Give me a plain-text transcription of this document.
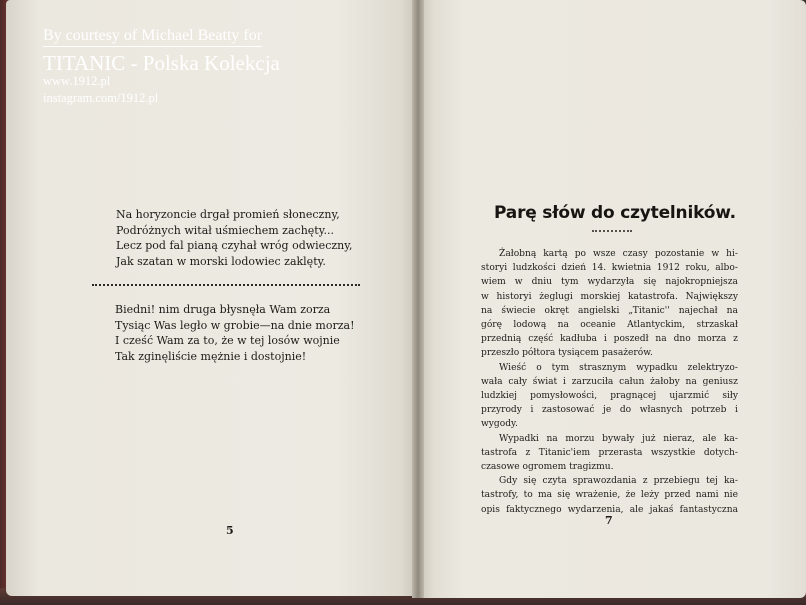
By courtesy of Michael Beatty for
TITANIC - Polska Kolekcja
www.1912.pl
instagram.com/1912.pl
Na horyzoncie drgał promień słoneczny,
Podróżnych witał uśmiechem zachęty...
Lecz pod fal pianą czyhał wróg odwieczny,
Jak szatan w morski lodowiec zaklęty.
Biedni! nim druga błysnęła Wam zorza
Tysiąc Was legło w grobie—na dnie morza!
I cześć Wam za to, że w tej losów wojnie
Tak zginęliście mężnie i dostojnie!
5
Parę słów do czytelników.
Żałobną kartą po wsze czasy pozostanie w hi-
storyi ludzkości dzień 14. kwietnia 1912 roku, albo-
wiem w dniu tym wydarzyła się najokropniejsza
w historyi żeglugi morskiej katastrofa. Największy
na świecie okręt angielski „Titanic'' najechał na
górę lodową na oceanie Atlantyckim, strzaskał
przednią część kadłuba i poszedł na dno morza z
przeszło półtora tysiącem pasażerów.
Wieść o tym strasznym wypadku zelektryzo-
wała cały świat i zarzuciła całun żałoby na geniusz
ludzkiej pomysłowości, pragnącej ujarzmić siły
przyrody i zastosować je do własnych potrzeb i
wygody.
Wypadki na morzu bywały już nieraz, ale ka-
tastrofa z Titanic'iem przerasta wszystkie dotych-
czasowe ogromem tragizmu.
Gdy się czyta sprawozdania z przebiegu tej ka-
tastrofy, to ma się wrażenie, że leży przed nami nie
opis faktycznego wydarzenia, ale jakaś fantastyczna
7
